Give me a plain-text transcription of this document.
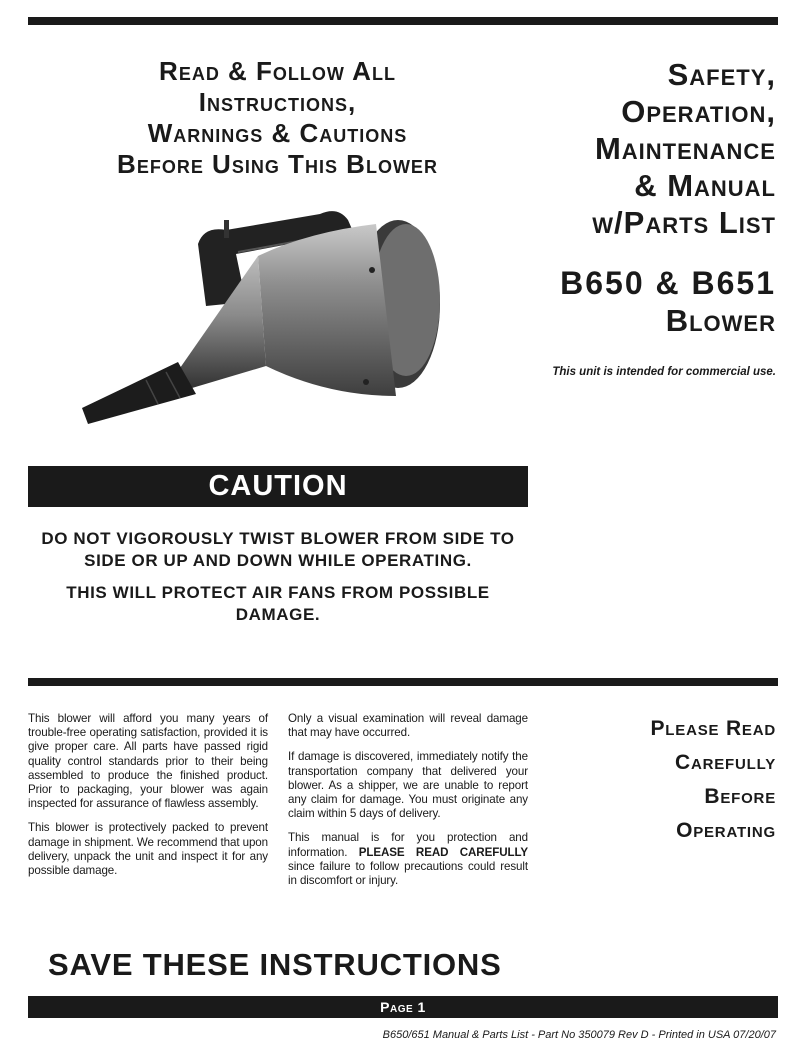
Read & Follow All
Instructions,
Warnings & Cautions
Before Using This Blower
Safety,
Operation,
Maintenance
& Manual
w/Parts List
B650 & B651
Blower
This unit is intended for commercial use.
CAUTION

DO NOT VIGOROUSLY TWIST BLOWER FROM SIDE TO SIDE OR UP AND DOWN WHILE OPERATING.

THIS WILL PROTECT AIR FANS FROM POSSIBLE DAMAGE.

This blower will afford you many years of trouble-free operating satisfaction, provided it is give proper care. All parts have passed rigid quality control standards prior to their being assembled to produce the finished product. Prior to packaging, your blower was again inspected for assurance of flawless assembly.

This blower is protectively packed to prevent damage in shipment. We recommend that upon delivery, unpack the unit and inspect it for any possible damage.

Only a visual examination will reveal damage that may have occurred.

If damage is discovered, immediately notify the transportation company that delivered your blower. As a shipper, we are unable to report any claim for damage. You must originate any claim within 5 days of delivery.

This manual is for you protection and information. PLEASE READ CAREFULLY since failure to follow precautions could result in discomfort or injury.

Please Read
Carefully
Before
Operating
SAVE THESE INSTRUCTIONS
Page 1
B650/651 Manual & Parts List - Part No 350079 Rev D - Printed in USA 07/20/07
